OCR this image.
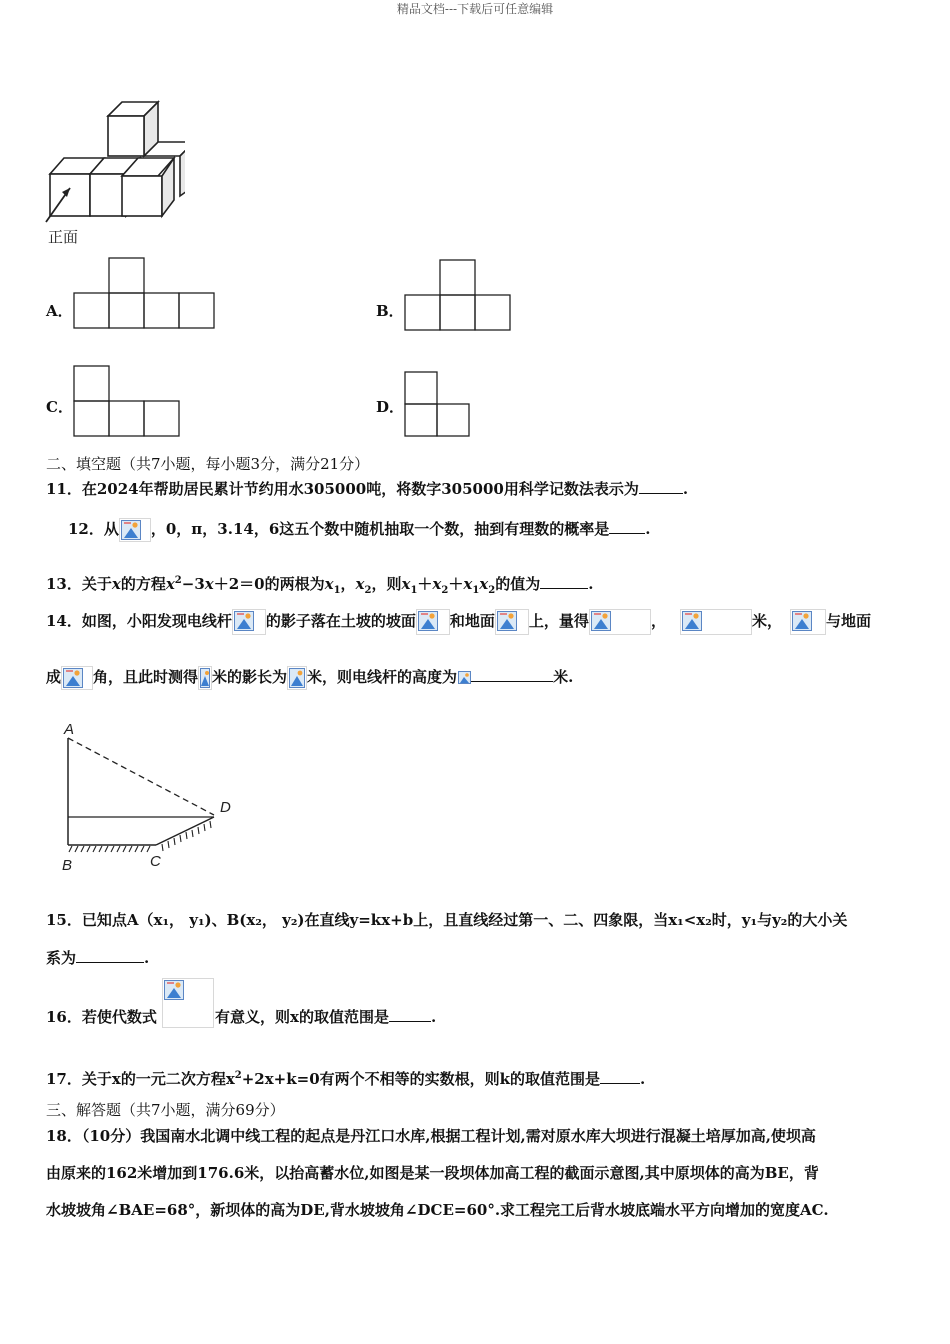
精品文档---下载后可任意编辑
正面
A．	B．
C．	D．
二、填空题（共7小题，每小题3分，满分21分）
11．在2024年帮助居民累计节约用水305000吨，将数字305000用科学记数法表示为	.
12．从 ，0，π，3.14，6这五个数中随机抽取一个数，抽到有理数的概率是 .
13．关于x的方程$x^2-3x+2=0$的两根为$x_1$，$x_2$，则$x_1+x_2+x_1x_2$的值为	.
14．如图，小阳发现电线杆 的影子落在土坡的坡面 和地面 上，量得	，	米，	与地面
成 角，且此时测得 米的影长为 米，则电线杆的高度为	米.
A
B	C
D
15．已知点A（x₁， y₁)、B(x₂， y₂)在直线y=kx+b上，且直线经过第一、二、四象限，当x₁<x₂时，y₁与y₂的大小关
系为	.
16．若使代数式	有意义，则x的取值范围是	.
17．关于x的一元二次方程$x^2+2x+k=0$有两个不相等的实数根，则k的取值范围是	.
三、解答题（共7小题，满分69分）
18．（10分）我国南水北调中线工程的起点是丹江口水库,根据工程计划,需对原水库大坝进行混凝土培厚加高,使坝高
由原来的162米增加到176.6米，以抬高蓄水位,如图是某一段坝体加高工程的截面示意图,其中原坝体的高为BE，背
水坡坡角∠BAE=68°，新坝体的高为DE,背水坡坡角∠DCE=60°.求工程完工后背水坡底端水平方向增加的宽度AC.
